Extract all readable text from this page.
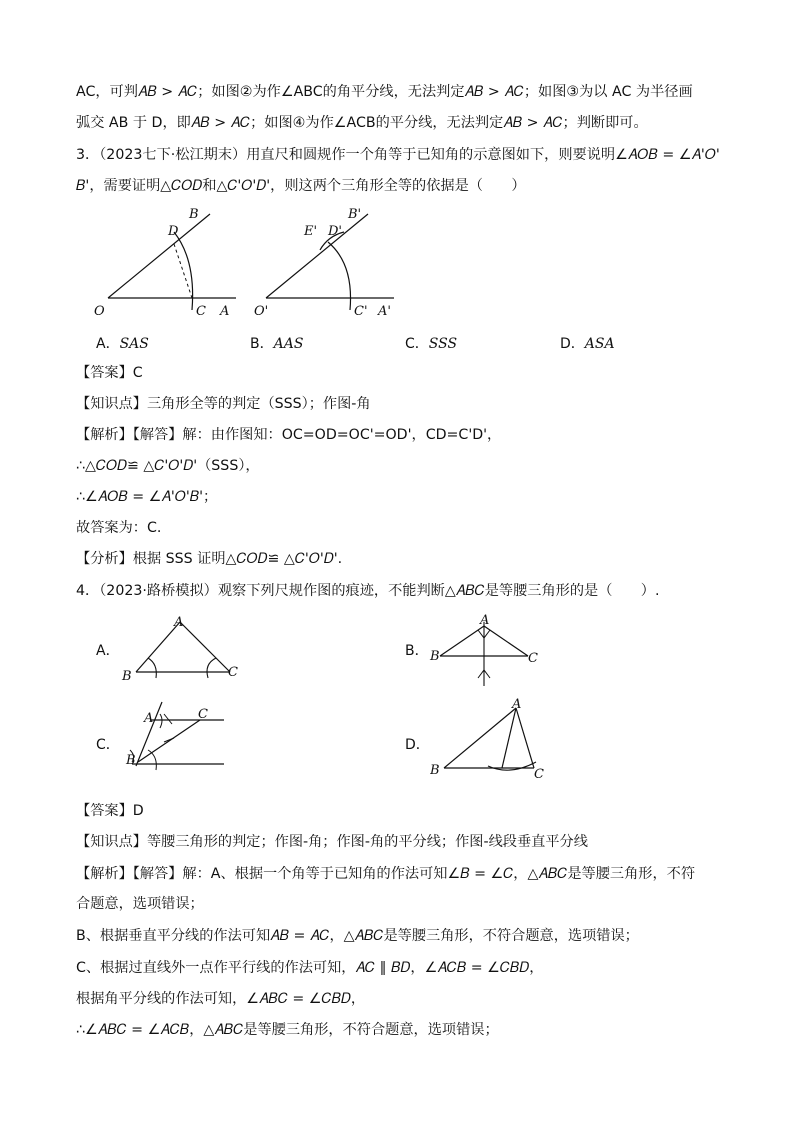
AC，可判𝐴𝐵 > 𝐴𝐶；如图②为作∠ABC的角平分线，无法判定𝐴𝐵 > 𝐴𝐶；如图③为以 AC 为半径画
弧交 AB 于 D，即𝐴𝐵 > 𝐴𝐶；如图④为作∠ACB的平分线，无法判定𝐴𝐵 > 𝐴𝐶；判断即可。
3．（2023七下·松江期末）用直尺和圆规作一个角等于已知角的示意图如下，则要说明∠𝐴𝑂𝐵 = ∠𝐴'𝑂'
𝐵'，需要证明△𝐶𝑂𝐷和△𝐶'𝑂'𝐷'，则这两个三角形全等的依据是（　　）
B
D
O	C A
B'
E' D'
O'	C' A'
A．SAS	B．AAS	C．SSS	D．ASA
【答案】C
【知识点】三角形全等的判定（SSS）；作图-角
【解析】【解答】解：由作图知：OC=OD=OC'=OD'，CD=C'D'，
∴△𝐶𝑂𝐷≌ △𝐶'𝑂'𝐷'（SSS），
∴∠𝐴𝑂𝐵 = ∠𝐴'𝑂'𝐵'；
故答案为：C.
【分析】根据 SSS 证明△𝐶𝑂𝐷≌ △𝐶'𝑂'𝐷'.
4．（2023·路桥模拟）观察下列尺规作图的痕迹，不能判断△𝐴𝐵𝐶是等腰三角形的是（　　）.
A．	B．
C．	D．
A
B	C
A
B	C
A	C
B
A
B	C
【答案】D
【知识点】等腰三角形的判定；作图-角；作图-角的平分线；作图-线段垂直平分线
【解析】【解答】解：A、根据一个角等于已知角的作法可知∠𝐵 = ∠𝐶，△𝐴𝐵𝐶是等腰三角形，不符
合题意，选项错误；
B、根据垂直平分线的作法可知𝐴𝐵 = 𝐴𝐶，△𝐴𝐵𝐶是等腰三角形，不符合题意，选项错误；
C、根据过直线外一点作平行线的作法可知，𝐴𝐶 ∥ 𝐵𝐷，∠𝐴𝐶𝐵 = ∠𝐶𝐵𝐷，
根据角平分线的作法可知，∠𝐴𝐵𝐶 = ∠𝐶𝐵𝐷，
∴∠𝐴𝐵𝐶 = ∠𝐴𝐶𝐵，△𝐴𝐵𝐶是等腰三角形，不符合题意，选项错误；
